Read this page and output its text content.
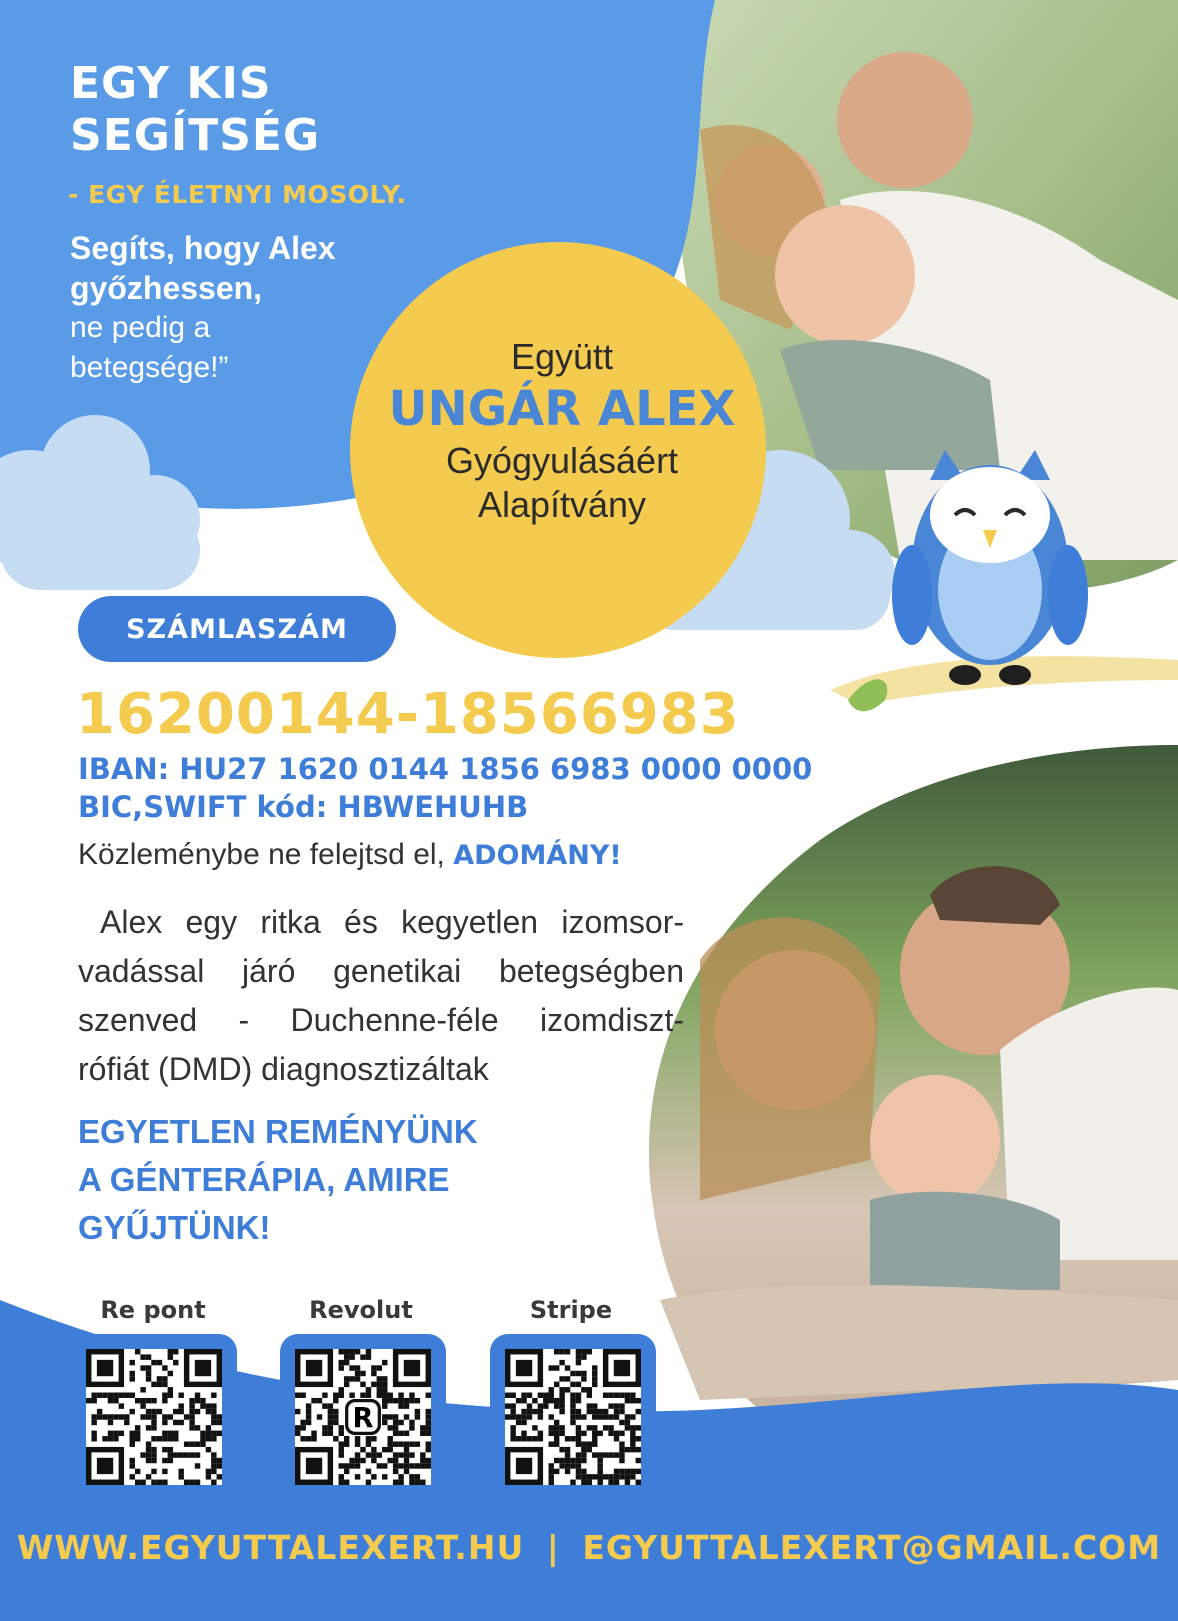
EGY KIS
SEGÍTSÉG
- EGY ÉLETNYI MOSOLY.
Segíts, hogy Alex
győzhessen,
ne pedig a
betegsége!”	Együtt
UNGÁR ALEX
Gyógyulásáért
Alapítvány
SZÁMLASZÁM
16200144-18566983
IBAN: HU27 1620 0144 1856 6983 0000 0000
BIC,SWIFT kód: HBWEHUHB
Közleménybe ne felejtsd el, ADOMÁNY!
Alex egy ritka és kegyetlen izomsor-
vadással járó genetikai betegségben
szenved - Duchenne-féle izomdiszt-
rófiát (DMD) diagnosztizáltak
EGYETLEN REMÉNYÜNK
A GÉNTERÁPIA, AMIRE
GYŰJTÜNK!
Re pont	Revolut	Stripe
R
WWW.EGYUTTALEXERT.HU | EGYUTTALEXERT@GMAIL.COM
